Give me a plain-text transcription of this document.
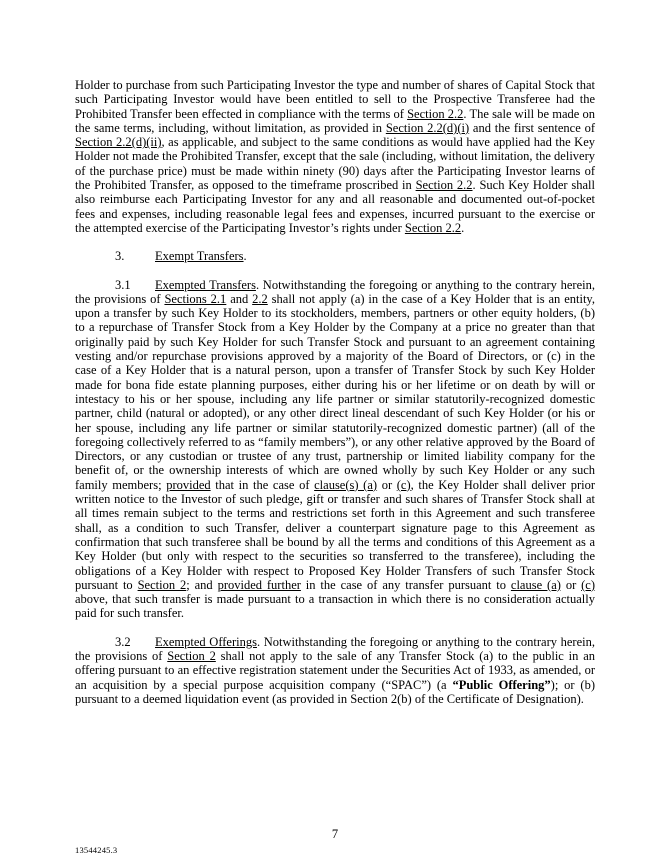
Holder to purchase from such Participating Investor the type and number of shares of Capital Stock that such Participating Investor would have been entitled to sell to the Prospective Transferee had the Prohibited Transfer been effected in compliance with the terms of Section 2.2. The sale will be made on the same terms, including, without limitation, as provided in Section 2.2(d)(i) and the first sentence of Section 2.2(d)(ii), as applicable, and subject to the same conditions as would have applied had the Key Holder not made the Prohibited Transfer, except that the sale (including, without limitation, the delivery of the purchase price) must be made within ninety (90) days after the Participating Investor learns of the Prohibited Transfer, as opposed to the timeframe proscribed in Section 2.2. Such Key Holder shall also reimburse each Participating Investor for any and all reasonable and documented out-of-pocket fees and expenses, including reasonable legal fees and expenses, incurred pursuant to the exercise or the attempted exercise of the Participating Investor’s rights under Section 2.2.

3. Exempt Transfers.

3.1 Exempted Transfers. Notwithstanding the foregoing or anything to the contrary herein, the provisions of Sections 2.1 and 2.2 shall not apply (a) in the case of a Key Holder that is an entity, upon a transfer by such Key Holder to its stockholders, members, partners or other equity holders, (b) to a repurchase of Transfer Stock from a Key Holder by the Company at a price no greater than that originally paid by such Key Holder for such Transfer Stock and pursuant to an agreement containing vesting and/or repurchase provisions approved by a majority of the Board of Directors, or (c) in the case of a Key Holder that is a natural person, upon a transfer of Transfer Stock by such Key Holder made for bona fide estate planning purposes, either during his or her lifetime or on death by will or intestacy to his or her spouse, including any life partner or similar statutorily-recognized domestic partner, child (natural or adopted), or any other direct lineal descendant of such Key Holder (or his or her spouse, including any life partner or similar statutorily-recognized domestic partner) (all of the foregoing collectively referred to as “family members”), or any other relative approved by the Board of Directors, or any custodian or trustee of any trust, partnership or limited liability company for the benefit of, or the ownership interests of which are owned wholly by such Key Holder or any such family members; provided that in the case of clause(s) (a) or (c), the Key Holder shall deliver prior written notice to the Investor of such pledge, gift or transfer and such shares of Transfer Stock shall at all times remain subject to the terms and restrictions set forth in this Agreement and such transferee shall, as a condition to such Transfer, deliver a counterpart signature page to this Agreement as confirmation that such transferee shall be bound by all the terms and conditions of this Agreement as a Key Holder (but only with respect to the securities so transferred to the transferee), including the obligations of a Key Holder with respect to Proposed Key Holder Transfers of such Transfer Stock pursuant to Section 2; and provided further in the case of any transfer pursuant to clause (a) or (c) above, that such transfer is made pursuant to a transaction in which there is no consideration actually paid for such transfer.

3.2 Exempted Offerings. Notwithstanding the foregoing or anything to the contrary herein, the provisions of Section 2 shall not apply to the sale of any Transfer Stock (a) to the public in an offering pursuant to an effective registration statement under the Securities Act of 1933, as amended, or an acquisition by a special purpose acquisition company (“SPAC”) (a “Public Offering”); or (b) pursuant to a deemed liquidation event (as provided in Section 2(b) of the Certificate of Designation).

7
13544245.3
